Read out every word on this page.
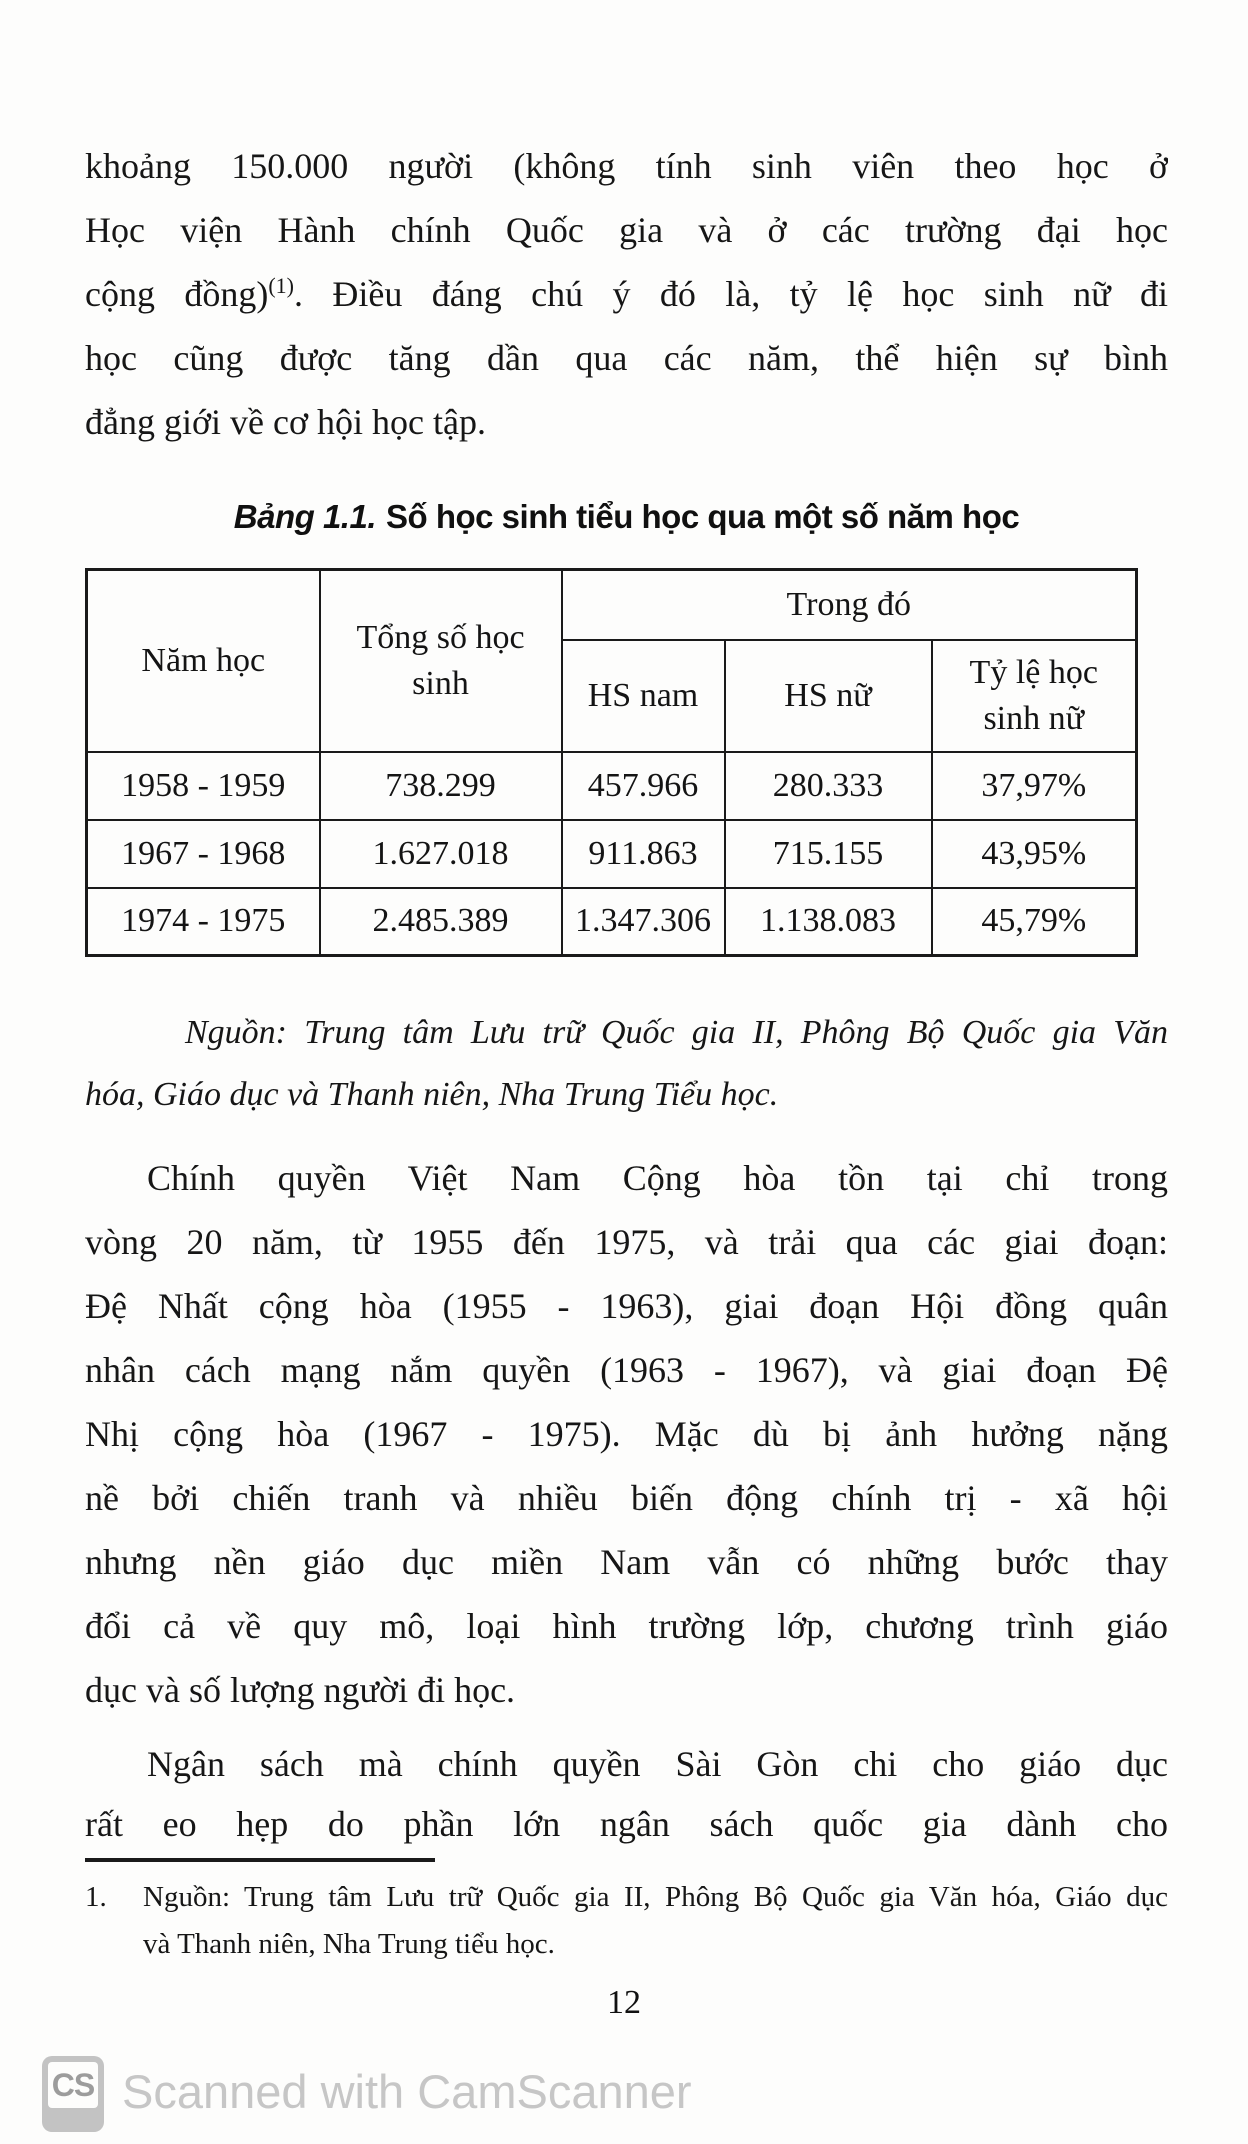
khoảng 150.000 người (không tính sinh viên theo học ở
Học viện Hành chính Quốc gia và ở các trường đại học
cộng đồng)$^{(1)}$. Điều đáng chú ý đó là, tỷ lệ học sinh nữ đi
học cũng được tăng dần qua các năm, thể hiện sự bình
đẳng giới về cơ hội học tập.
Bảng 1.1. Số học sinh tiểu học qua một số năm học
Năm học	Tổng số học sinh	Trong đó		
		HS nam	HS nữ	Tỷ lệ học sinh nữ
1958 - 1959	738.299	457.966	280.333	37,97%
1967 - 1968	1.627.018	911.863	715.155	43,95%
1974 - 1975	2.485.389	1.347.306	1.138.083	45,79%
Nguồn: Trung tâm Lưu trữ Quốc gia II, Phông Bộ Quốc gia Văn
hóa, Giáo dục và Thanh niên, Nha Trung Tiểu học.
Chính quyền Việt Nam Cộng hòa tồn tại chỉ trong
vòng 20 năm, từ 1955 đến 1975, và trải qua các giai đoạn:
Đệ Nhất cộng hòa (1955 - 1963), giai đoạn Hội đồng quân
nhân cách mạng nắm quyền (1963 - 1967), và giai đoạn Đệ
Nhị cộng hòa (1967 - 1975). Mặc dù bị ảnh hưởng nặng
nề bởi chiến tranh và nhiều biến động chính trị - xã hội
nhưng nền giáo dục miền Nam vẫn có những bước thay
đổi cả về quy mô, loại hình trường lớp, chương trình giáo
dục và số lượng người đi học.
Ngân sách mà chính quyền Sài Gòn chi cho giáo dục
rất eo hẹp do phần lớn ngân sách quốc gia dành cho
1.	Nguồn: Trung tâm Lưu trữ Quốc gia II, Phông Bộ Quốc gia Văn hóa, Giáo dục
và Thanh niên, Nha Trung tiểu học.
12
CS Scanned with CamScanner
